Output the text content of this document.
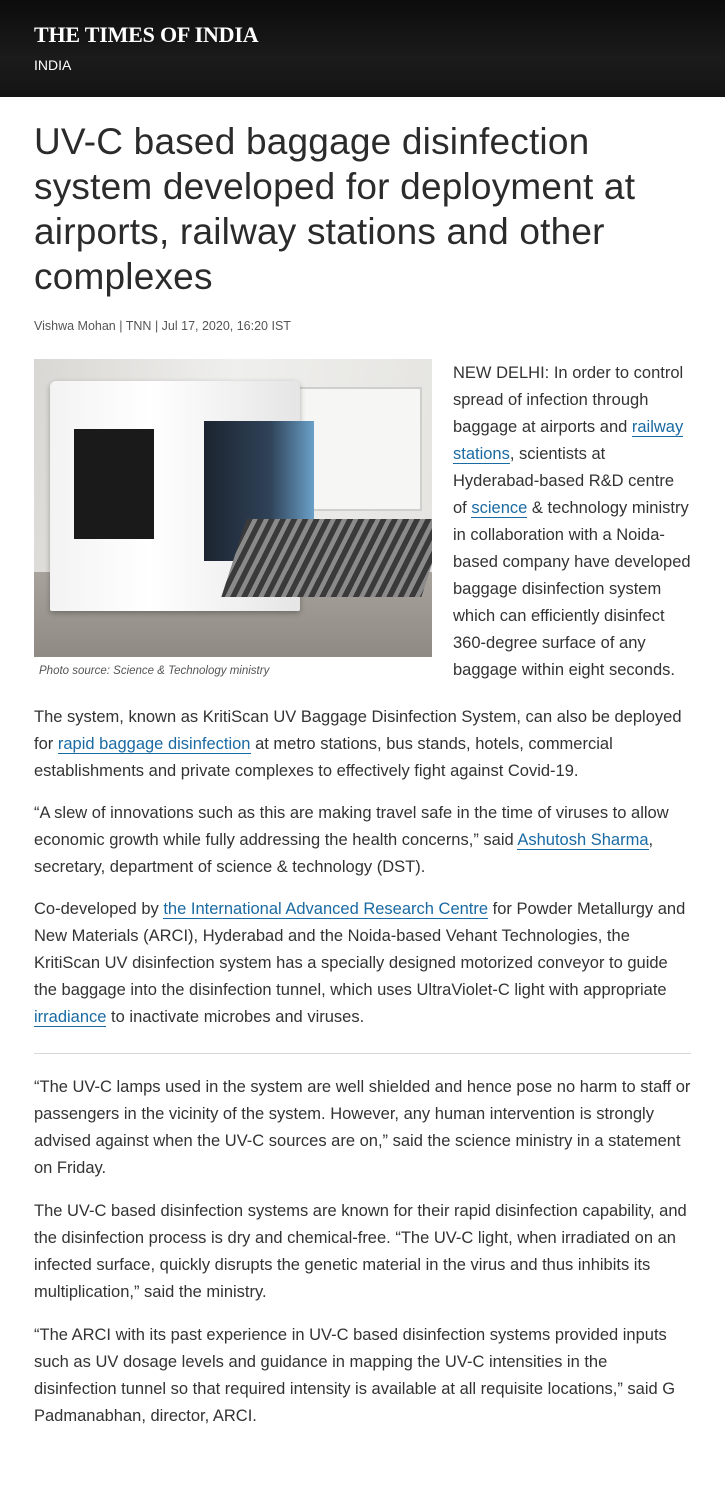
THE TIMES OF INDIA
INDIA
UV-C based baggage disinfection system developed for deployment at airports, railway stations and other complexes
Vishwa Mohan | TNN | Jul 17, 2020, 16:20 IST
Photo source: Science & Technology ministry

NEW DELHI: In order to control spread of infection through baggage at airports and railway stations, scientists at Hyderabad-based R&D centre of science & technology ministry in collaboration with a Noida-based company have developed baggage disinfection system which can efficiently disinfect 360-degree surface of any baggage within eight seconds.

The system, known as KritiScan UV Baggage Disinfection System, can also be deployed for rapid baggage disinfection at metro stations, bus stands, hotels, commercial establishments and private complexes to effectively fight against Covid-19.

“A slew of innovations such as this are making travel safe in the time of viruses to allow economic growth while fully addressing the health concerns,” said Ashutosh Sharma, secretary, department of science & technology (DST).

Co-developed by the International Advanced Research Centre for Powder Metallurgy and New Materials (ARCI), Hyderabad and the Noida-based Vehant Technologies, the KritiScan UV disinfection system has a specially designed motorized conveyor to guide the baggage into the disinfection tunnel, which uses UltraViolet-C light with appropriate irradiance to inactivate microbes and viruses.

“The UV-C lamps used in the system are well shielded and hence pose no harm to staff or passengers in the vicinity of the system. However, any human intervention is strongly advised against when the UV-C sources are on,” said the science ministry in a statement on Friday.

The UV-C based disinfection systems are known for their rapid disinfection capability, and the disinfection process is dry and chemical-free. “The UV-C light, when irradiated on an infected surface, quickly disrupts the genetic material in the virus and thus inhibits its multiplication,” said the ministry.

“The ARCI with its past experience in UV-C based disinfection systems provided inputs such as UV dosage levels and guidance in mapping the UV-C intensities in the disinfection tunnel so that required intensity is available at all requisite locations,” said G Padmanabhan, director, ARCI.
